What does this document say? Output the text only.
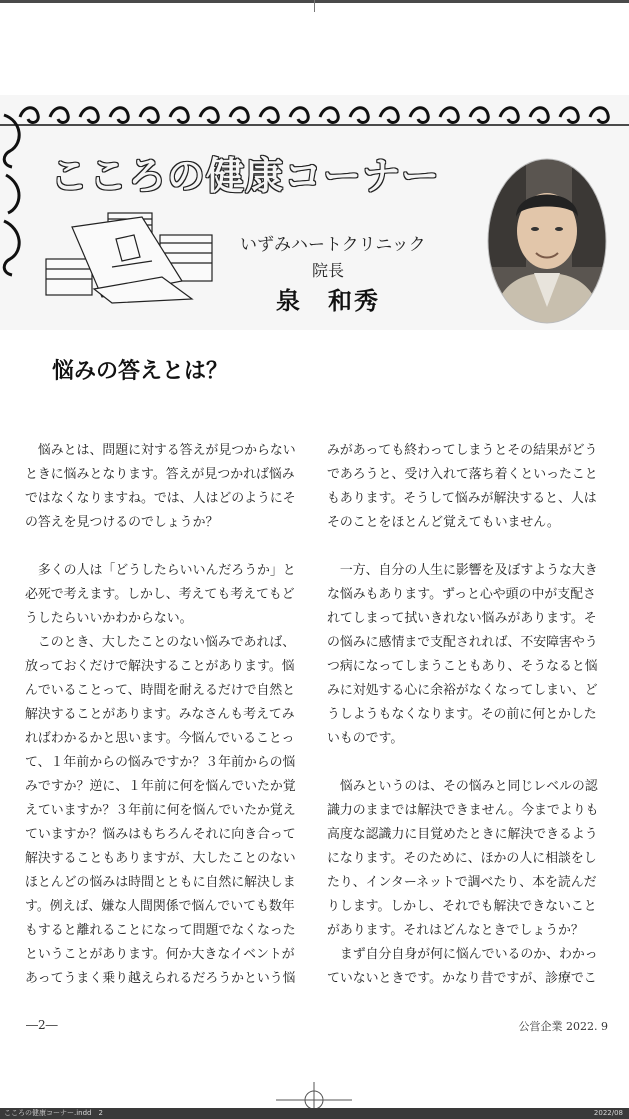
こころの健康コーナー
いずみハートクリニック
院長
泉　和秀
悩みの答えとは？
　悩みとは、問題に対する答えが見つからない
ときに悩みとなります。答えが見つかれば悩み
ではなくなりますね。では、人はどのようにそ
の答えを見つけるのでしょうか？
　多くの人は「どうしたらいいんだろうか」と
必死で考えます。しかし、考えても考えてもど
うしたらいいかわからない。
　このとき、大したことのない悩みであれば、
放っておくだけで解決することがあります。悩
んでいることって、時間を耐えるだけで自然と
解決することがあります。みなさんも考えてみ
ればわかるかと思います。今悩んでいることっ
て、１年前からの悩みですか？３年前からの悩
みですか？逆に、１年前に何を悩んでいたか覚
えていますか？３年前に何を悩んでいたか覚え
ていますか？悩みはもちろんそれに向き合って
解決することもありますが、大したことのない
ほとんどの悩みは時間とともに自然に解決しま
す。例えば、嫌な人間関係で悩んでいても数年
もすると離れることになって問題でなくなった
ということがあります。何か大きなイベントが
あってうまく乗り越えられるだろうかという悩
みがあっても終わってしまうとその結果がどう
であろうと、受け入れて落ち着くといったこと
もあります。そうして悩みが解決すると、人は
そのことをほとんど覚えてもいません。
　一方、自分の人生に影響を及ぼすような大き
な悩みもあります。ずっと心や頭の中が支配さ
れてしまって拭いきれない悩みがあります。そ
の悩みに感情まで支配されれば、不安障害やう
つ病になってしまうこともあり、そうなると悩
みに対処する心に余裕がなくなってしまい、ど
うしようもなくなります。その前に何とかした
いものです。
　悩みというのは、その悩みと同じレベルの認
識力のままでは解決できません。今までよりも
高度な認識力に目覚めたときに解決できるよう
になります。そのために、ほかの人に相談をし
たり、インターネットで調べたり、本を読んだ
りします。しかし、それでも解決できないこと
があります。それはどんなときでしょうか？
　まず自分自身が何に悩んでいるのか、わかっ
ていないときです。かなり昔ですが、診療でこ
―2―	公営企業 2022. 9
こころの健康コーナー.indd　2	2022/08
